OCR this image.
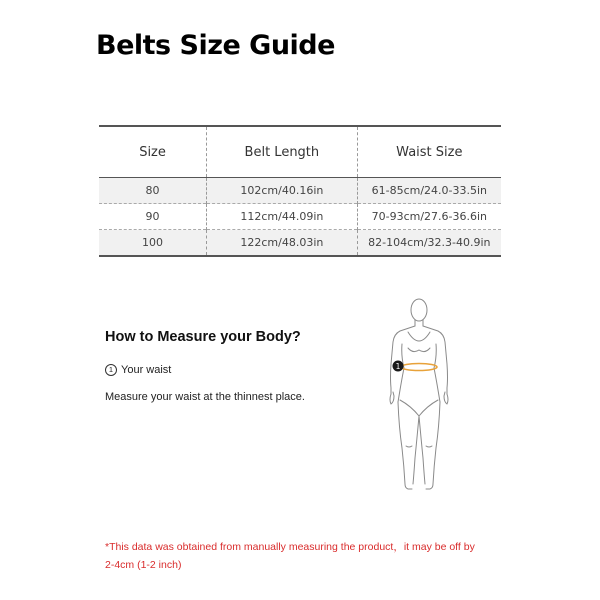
Belts Size Guide
Size	Belt Length	Waist Size
80	102cm/40.16in	61-85cm/24.0-33.5in
90	112cm/44.09in	70-93cm/27.6-36.6in
100	122cm/48.03in	82-104cm/32.3-40.9in
How to Measure your Body?
1 Your waist
Measure your waist at the thinnest place.
1
*This data was obtained from manually measuring the product，it may be off by
2-4cm (1-2 inch)
